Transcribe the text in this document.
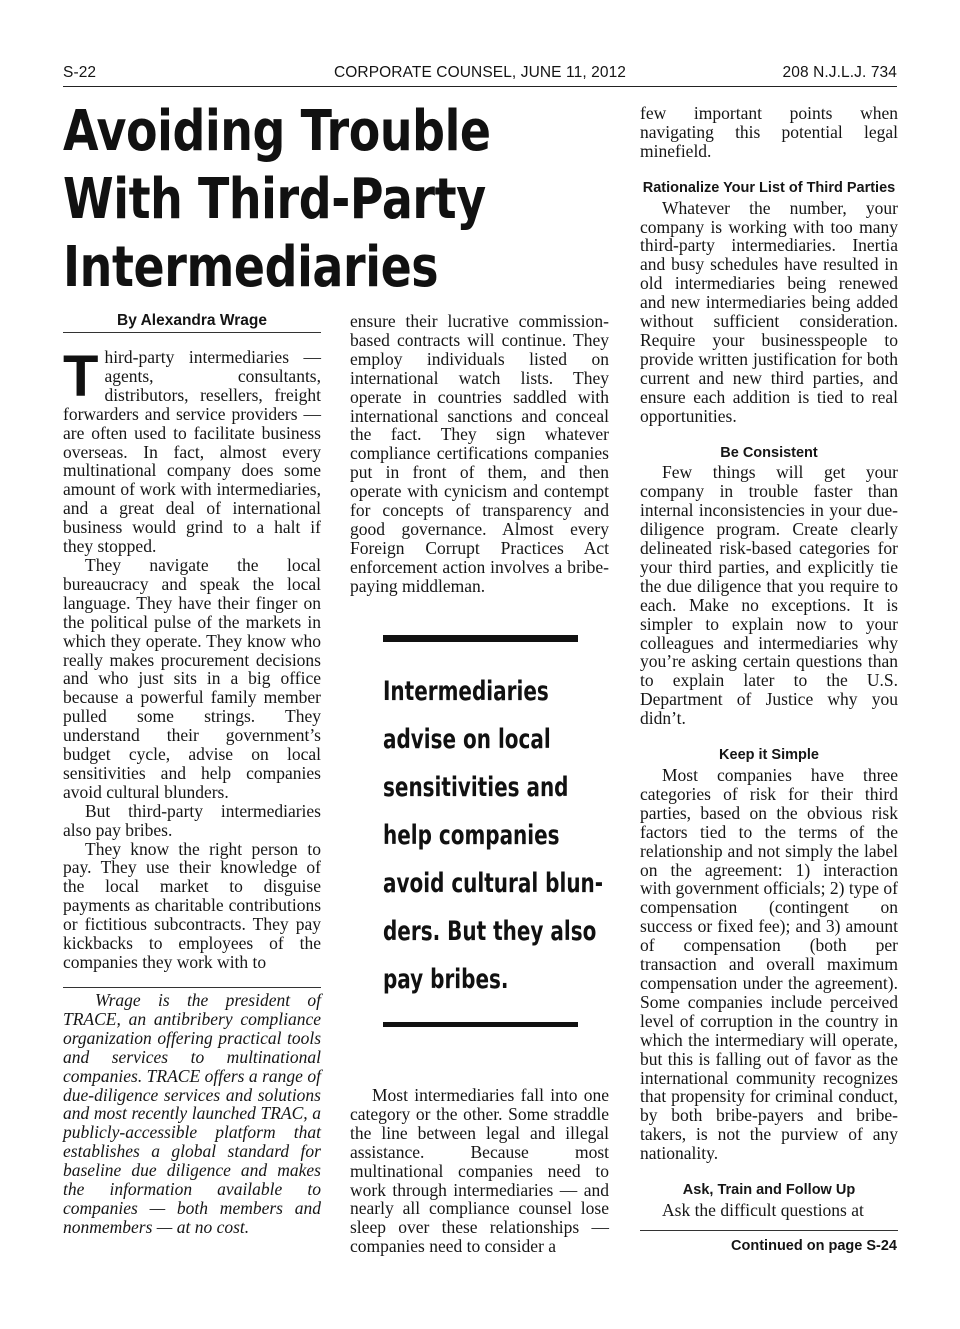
S-22	CORPORATE COUNSEL, JUNE 11, 2012	208 N.J.L.J. 734
Avoiding Trouble
With Third-Party
Intermediaries
By Alexandra Wrage

Third-party intermediaries — agents, consultants, distributors, resellers, freight forwarders and service providers — are often used to facilitate business overseas. In fact, almost every multinational company does some amount of work with intermediaries, and a great deal of international business would grind to a halt if they stopped.

They navigate the local bureaucracy and speak the local language. They have their finger on the political pulse of the markets in which they operate. They know who really makes procurement decisions and who just sits in a big office because a powerful family member pulled some strings. They understand their government’s budget cycle, advise on local sensitivities and help companies avoid cultural blunders.

But third-party intermediaries also pay bribes.

They know the right person to pay. They use their knowledge of the local market to disguise payments as charitable contributions or fictitious subcontracts. They pay kickbacks to employees of the companies they work with to

Wrage is the president of TRACE, an antibribery compliance organization offering practical tools and services to multinational companies. TRACE offers a range of due-diligence services and solutions and most recently launched TRAC, a publicly-accessible platform that establishes a global standard for baseline due diligence and makes the information available to companies — both members and nonmembers — at no cost.

ensure their lucrative commission-based contracts will continue. They employ individuals listed on international watch lists. They operate in countries saddled with international sanctions and conceal the fact. They sign whatever compliance certifications companies put in front of them, and then operate with cynicism and contempt for concepts of transparency and good governance. Almost every Foreign Corrupt Practices Act enforcement action involves a bribe-paying middleman.

Intermediaries
advise on local
sensitivities and
help companies
avoid cultural blun-
ders. But they also
pay bribes.

Most intermediaries fall into one category or the other. Some straddle the line between legal and illegal assistance. Because most multinational companies need to work through intermediaries — and nearly all compliance counsel lose sleep over these relationships — companies need to consider a

few important points when navigating this potential legal minefield.

Rationalize Your List of Third Parties

Whatever the number, your company is working with too many third-party intermediaries. Inertia and busy schedules have resulted in old intermediaries being renewed and new intermediaries being added without sufficient consideration. Require your businesspeople to provide written justification for both current and new third parties, and ensure each addition is tied to real opportunities.

Be Consistent

Few things will get your company in trouble faster than internal inconsistencies in your due-diligence program. Create clearly delineated risk-based categories for your third parties, and explicitly tie the due diligence that you require to each. Make no exceptions. It is simpler to explain now to your colleagues and intermediaries why you’re asking certain questions than to explain later to the U.S. Department of Justice why you didn’t.

Keep it Simple

Most companies have three categories of risk for their third parties, based on the obvious risk factors tied to the terms of the relationship and not simply the label on the agreement: 1) interaction with government officials; 2) type of compensation (contingent on success or fixed fee); and 3) amount of compensation (both per transaction and overall maximum compensation under the agreement). Some companies include perceived level of corruption in the country in which the intermediary will operate, but this is falling out of favor as the international community recognizes that propensity for criminal conduct, by both bribe-payers and bribe-takers, is not the purview of any nationality.

Ask, Train and Follow Up

Ask the difficult questions at

Continued on page S-24
